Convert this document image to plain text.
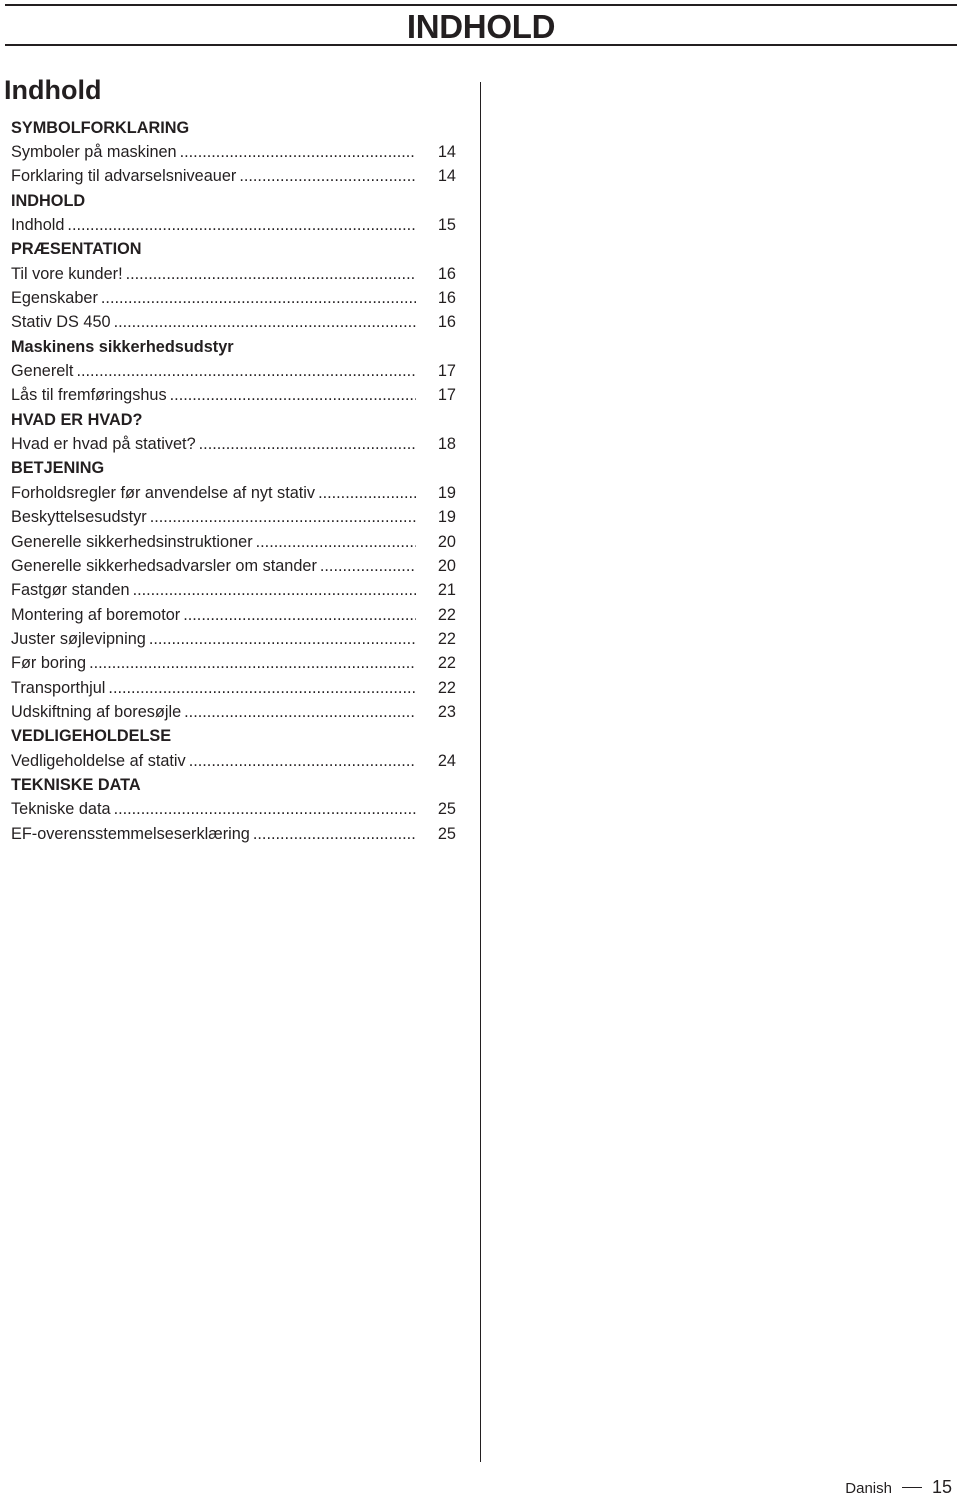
INDHOLD
Indhold
SYMBOLFORKLARING
Symboler på maskinen .....	14
Forklaring til advarselsniveauer .....	14
INDHOLD
Indhold .....	15
PRÆSENTATION
Til vore kunder! .....	16
Egenskaber .....	16
Stativ DS 450 .....	16
Maskinens sikkerhedsudstyr
Generelt .....	17
Lås til fremføringshus .....	17
HVAD ER HVAD?
Hvad er hvad på stativet? .....	18
BETJENING
Forholdsregler før anvendelse af nyt stativ .....	19
Beskyttelsesudstyr .....	19
Generelle sikkerhedsinstruktioner .....	20
Generelle sikkerhedsadvarsler om stander .....	20
Fastgør standen .....	21
Montering af boremotor .....	22
Juster søjlevipning .....	22
Før boring .....	22
Transporthjul .....	22
Udskiftning af boresøjle .....	23
VEDLIGEHOLDELSE
Vedligeholdelse af stativ .....	24
TEKNISKE DATA
Tekniske data .....	25
EF-overensstemmelseserklæring .....	25
Danish 15
